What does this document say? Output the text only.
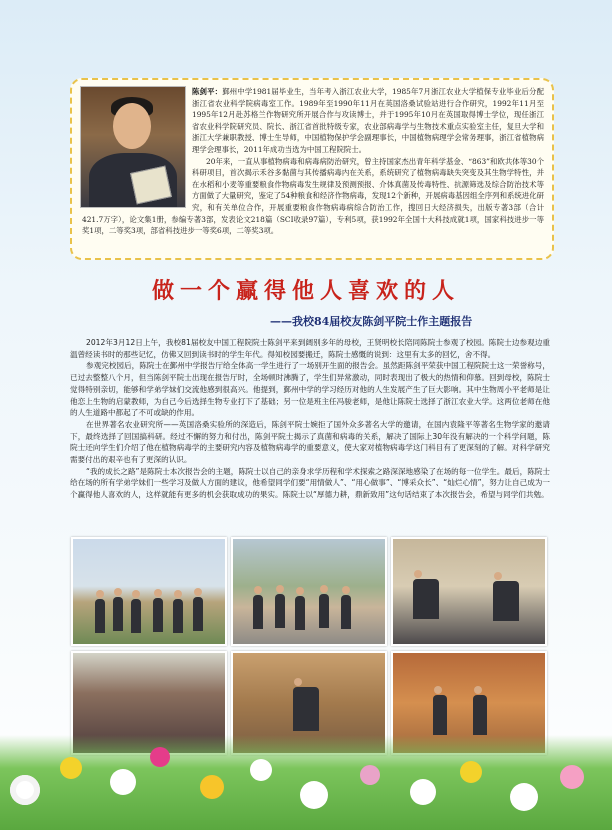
陈剑平：鄞州中学1981届毕业生，当年考入浙江农业大学，1985年7月浙江农业大学植保专业毕业后分配浙江省农业科学院病毒室工作。1989年至1990年11月在英国洛桑试验站进行合作研究，1992年11月至1995年12月赴苏格兰作物研究所开展合作与攻读博士，并于1995年10月在英国取得博士学位，现任浙江省农业科学院研究员、院长、浙江省首批特级专家，农业部病毒学与生物技术重点实验室主任，复旦大学和浙江大学兼职教授、博士生导师，中国植物保护学会副理事长，中国植物病理学会常务理事，浙江省植物病理学会理事长，2011年成功当选为中国工程院院士。
20年来，一直从事植物病毒和病毒病防治研究，曾主持国家杰出青年科学基金、“863”和欧共体等30个科研项目，首次揭示禾谷多黏菌与其传播病毒内在关系，系统研究了植物病毒缺失突变及其生物学特性，并在水稻和小麦等重要粮食作物病毒发生规律及预测预报、介体真菌及传毒特性、抗源筛选及综合防治技术等方面做了大量研究，鉴定了54种粮食和经济作物病毒，发现12个新种，开展病毒基因组全序列和系统进化研究，和有关单位合作，开展重要粮食作物病毒病综合防治工作，搜回日大经济损失，出版专著3部（合计421.7万字），论文集1册，参编专著3部，发表论文218篇（SCI收录97篇），专利5项，获1992年全国十大科技成就1项，国家科技进步一等奖1项，二等奖3项，部省科技进步一等奖6项，二等奖3项。
做一个赢得他人喜欢的人
——我校84届校友陈剑平院士作主题报告

2012年3月12日上午，我校81届校友中国工程院院士陈剑平来到阔别多年的母校，王贤明校长陪同陈院士参观了校园。陈院士边参观边重温曾经读书时的那些记忆，仿佛又回到读书时的学生年代。得知校园要搬迁，陈院士感慨的说到：这里有太多的回忆，舍不得。

参观完校园后，陈院士在鄞州中学报告厅给全体高一学生进行了一场别开生面的报告会。虽然距陈剑平荣获中国工程院院士这一荣誉称号，已过去整整八个月，但当陈剑平院士出现在报告厅时，全场顿时沸腾了，学生们异常激动，同时表现出了极大的热情和仰慕。回到母校，陈院士觉得特别亲切，能够和学弟学妹们交流他感到很高兴。他提到，鄞州中学的学习经历对他的人生发展产生了巨大影响。其中生物周小平老师是让他恋上生物的启蒙教师，为自己今后选择生物专业打下了基础；另一位是班主任冯骏老师，是他让陈院士选择了浙江农业大学。这两位老师在他的人生道路中都起了不可或缺的作用。

在世界著名农业研究所——英国洛桑实验所的深造后，陈剑平院士婉拒了国外众多著名大学的邀请，在国内袁隆平等著名生物学家的邀请下，最终选择了回国搞科研。经过不懈的努力和付出，陈剑平院士揭示了真菌和病毒的关系，解决了国际上30年没有解决的一个科学问题，陈院士还向学生们介绍了他在植物病毒学的主要研究内容及植物病毒学的重要意义，使大家对植物病毒学这门科目有了更深刻的了解。对科学研究需要付出的艰辛也有了更深的认识。

“我的成长之路”是陈院士本次报告会的主题，陈院士以自己的亲身求学历程和学术探索之路深深地感染了在场的每一位学生。最后，陈院士给在场的所有学弟学妹们一些学习及做人方面的建议，他希望同学们要“用情做人”、“用心做事”、“博采众长”、“灿烂心情”，努力让自己成为一个赢得他人喜欢的人，这样就能有更多的机会获取成功的果实。陈院士以“厚德力耕，鼎新致用”这句话结束了本次报告会，希望与同学们共勉。
